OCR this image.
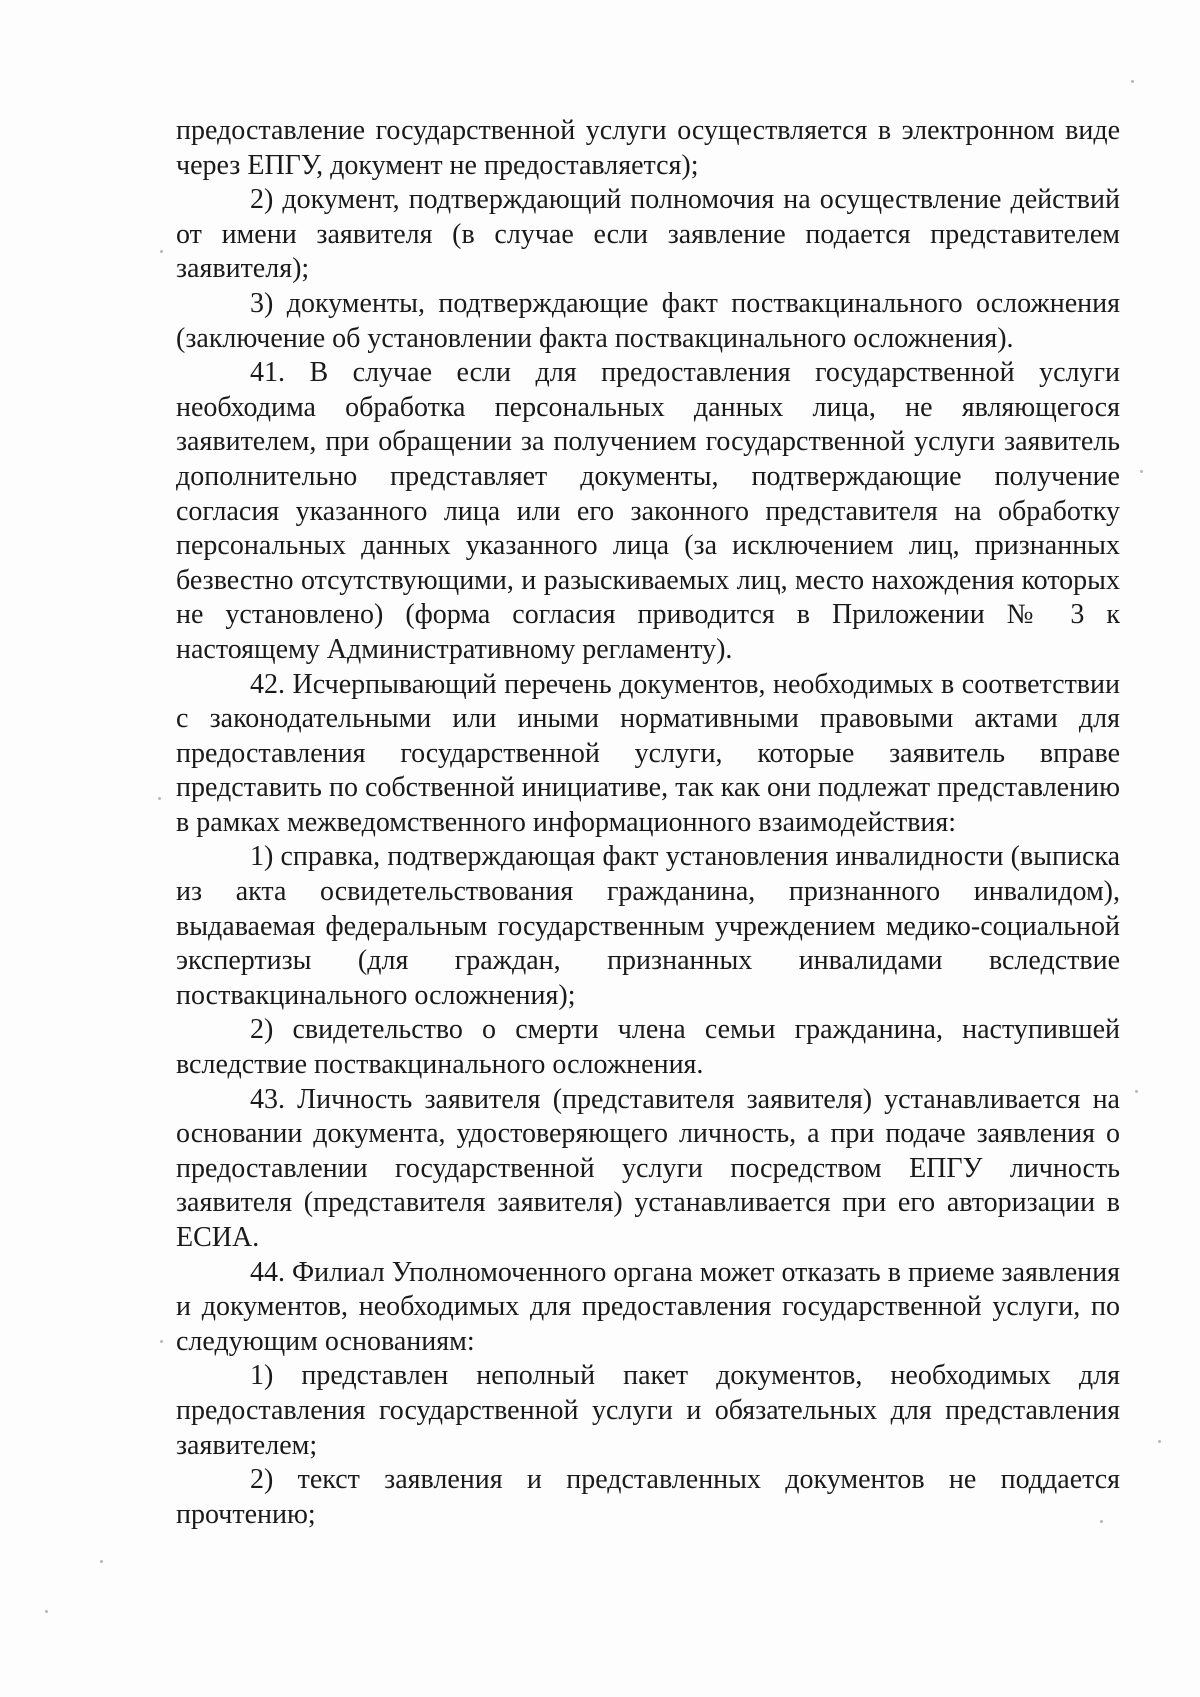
предоставление государственной услуги осуществляется в электронном виде через ЕПГУ, документ не предоставляется);

2) документ, подтверждающий полномочия на осуществление действий от имени заявителя (в случае если заявление подается представителем заявителя);

3) документы, подтверждающие факт поствакцинального осложнения (заключение об установлении факта поствакцинального осложнения).

41. В случае если для предоставления государственной услуги необходима обработка персональных данных лица, не являющегося заявителем, при обращении за получением государственной услуги заявитель дополнительно представляет документы, подтверждающие получение согласия указанного лица или его законного представителя на обработку персональных данных указанного лица (за исключением лиц, признанных безвестно отсутствующими, и разыскиваемых лиц, место нахождения которых не установлено) (форма согласия приводится в Приложении № 3 к настоящему Административному регламенту).

42. Исчерпывающий перечень документов, необходимых в соответствии с законодательными или иными нормативными правовыми актами для предоставления государственной услуги, которые заявитель вправе представить по собственной инициативе, так как они подлежат представлению в рамках межведомственного информационного взаимодействия:

1) справка, подтверждающая факт установления инвалидности (выписка из акта освидетельствования гражданина, признанного инвалидом), выдаваемая федеральным государственным учреждением медико-социальной экспертизы (для граждан, признанных инвалидами вследствие поствакцинального осложнения);

2) свидетельство о смерти члена семьи гражданина, наступившей вследствие поствакцинального осложнения.

43. Личность заявителя (представителя заявителя) устанавливается на основании документа, удостоверяющего личность, а при подаче заявления о предоставлении государственной услуги посредством ЕПГУ личность заявителя (представителя заявителя) устанавливается при его авторизации в ЕСИА.

44. Филиал Уполномоченного органа может отказать в приеме заявления и документов, необходимых для предоставления государственной услуги, по следующим основаниям:

1) представлен неполный пакет документов, необходимых для предоставления государственной услуги и обязательных для представления заявителем;

2) текст заявления и представленных документов не поддается прочтению;
